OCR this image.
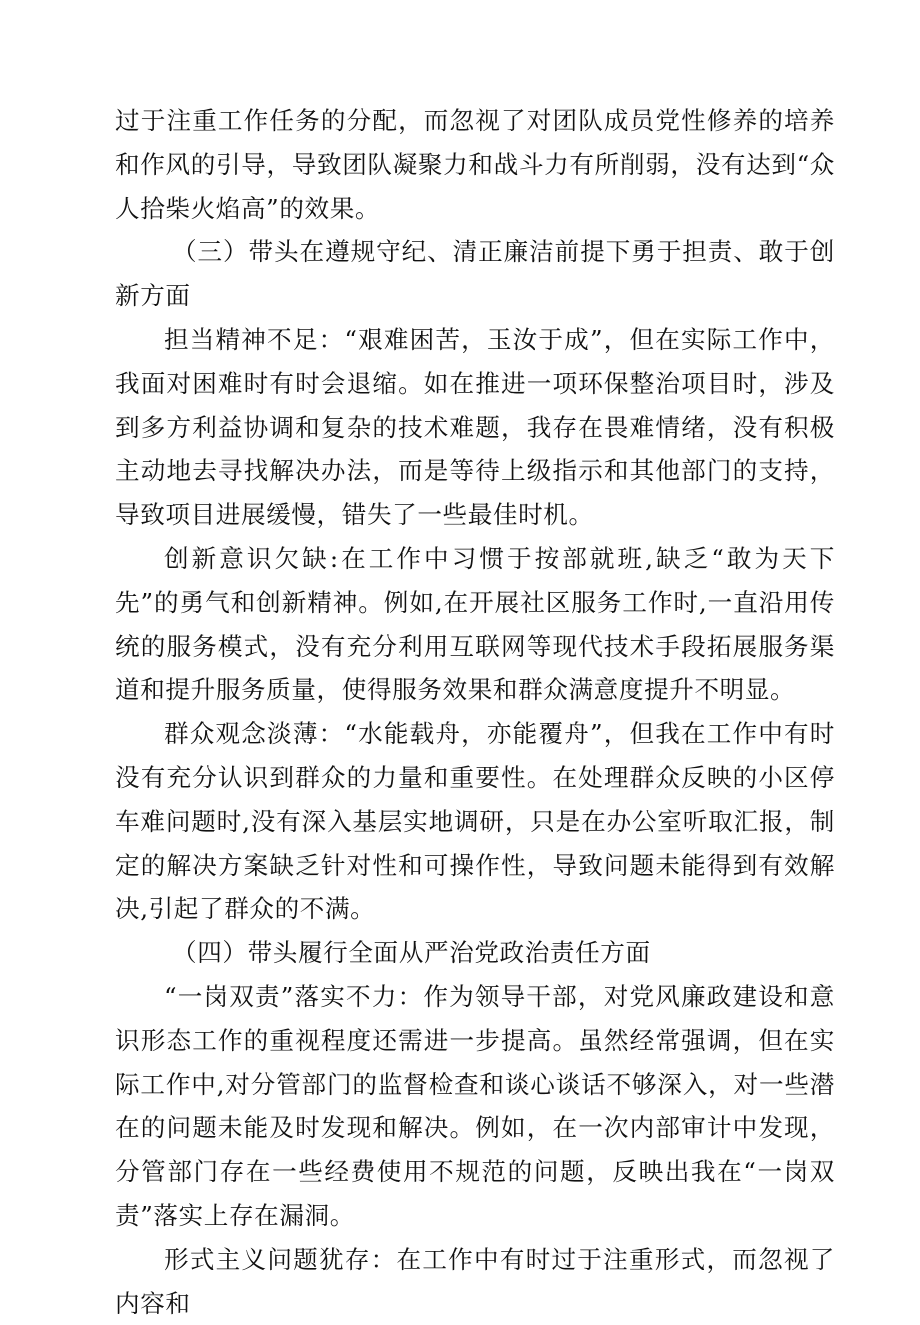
过于注重工作任务的分配，而忽视了对团队成员党性修养的培养和作风的引导，导致团队凝聚力和战斗力有所削弱，没有达到“众人拾柴火焰高”的效果。

（三）带头在遵规守纪、清正廉洁前提下勇于担责、敢于创新方面

担当精神不足：“艰难困苦，玉汝于成”，但在实际工作中，我面对困难时有时会退缩。如在推进一项环保整治项目时，涉及到多方利益协调和复杂的技术难题，我存在畏难情绪，没有积极主动地去寻找解决办法，而是等待上级指示和其他部门的支持，导致项目进展缓慢，错失了一些最佳时机。

创新意识欠缺:在工作中习惯于按部就班,缺乏“敢为天下先”的勇气和创新精神。例如,在开展社区服务工作时,一直沿用传统的服务模式，没有充分利用互联网等现代技术手段拓展服务渠道和提升服务质量，使得服务效果和群众满意度提升不明显。

群众观念淡薄：“水能载舟，亦能覆舟”，但我在工作中有时没有充分认识到群众的力量和重要性。在处理群众反映的小区停车难问题时,没有深入基层实地调研，只是在办公室听取汇报，制定的解决方案缺乏针对性和可操作性，导致问题未能得到有效解决,引起了群众的不满。

（四）带头履行全面从严治党政治责任方面

“一岗双责”落实不力：作为领导干部，对党风廉政建设和意识形态工作的重视程度还需进一步提高。虽然经常强调，但在实际工作中,对分管部门的监督检查和谈心谈话不够深入，对一些潜在的问题未能及时发现和解决。例如，在一次内部审计中发现，分管部门存在一些经费使用不规范的问题，反映出我在“一岗双责”落实上存在漏洞。

形式主义问题犹存：在工作中有时过于注重形式，而忽视了内容和
